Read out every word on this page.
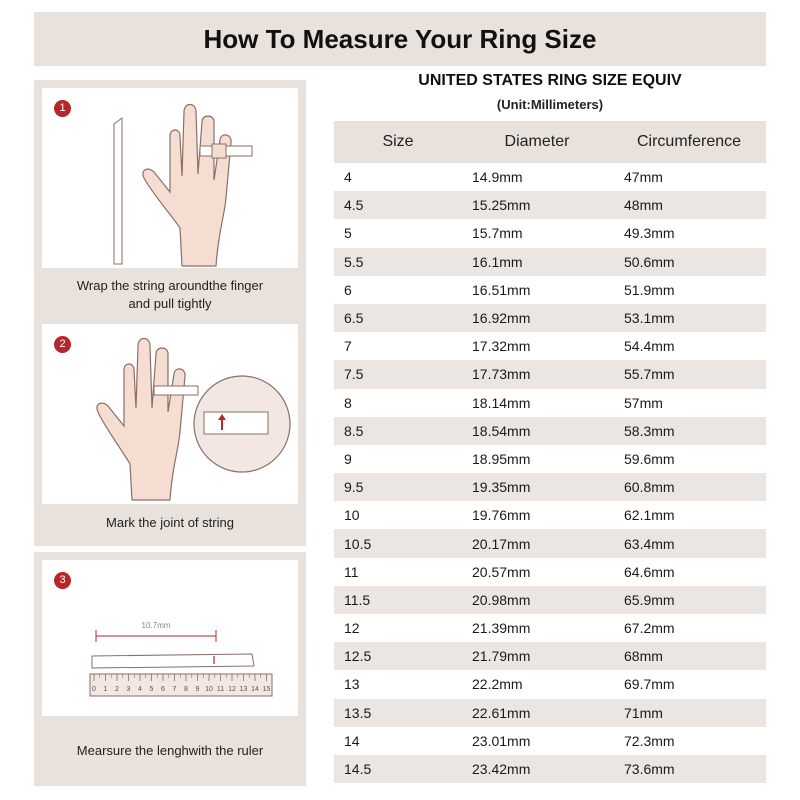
How To Measure Your Ring Size
1
Wrap the string aroundthe finger and pull tightly
2
Mark the joint of string
3
10.7mm
0 1 2 3 4 5 6 7 8 9 10 11 12 13 14 15
Mearsure the lenghwith the ruler
UNITED STATES RING SIZE EQUIV
(Unit:Millimeters)
Size	Diameter	Circumference
4	14.9mm	47mm
4.5	15.25mm	48mm
5	15.7mm	49.3mm
5.5	16.1mm	50.6mm
6	16.51mm	51.9mm
6.5	16.92mm	53.1mm
7	17.32mm	54.4mm
7.5	17.73mm	55.7mm
8	18.14mm	57mm
8.5	18.54mm	58.3mm
9	18.95mm	59.6mm
9.5	19.35mm	60.8mm
10	19.76mm	62.1mm
10.5	20.17mm	63.4mm
11	20.57mm	64.6mm
11.5	20.98mm	65.9mm
12	21.39mm	67.2mm
12.5	21.79mm	68mm
13	22.2mm	69.7mm
13.5	22.61mm	71mm
14	23.01mm	72.3mm
14.5	23.42mm	73.6mm
